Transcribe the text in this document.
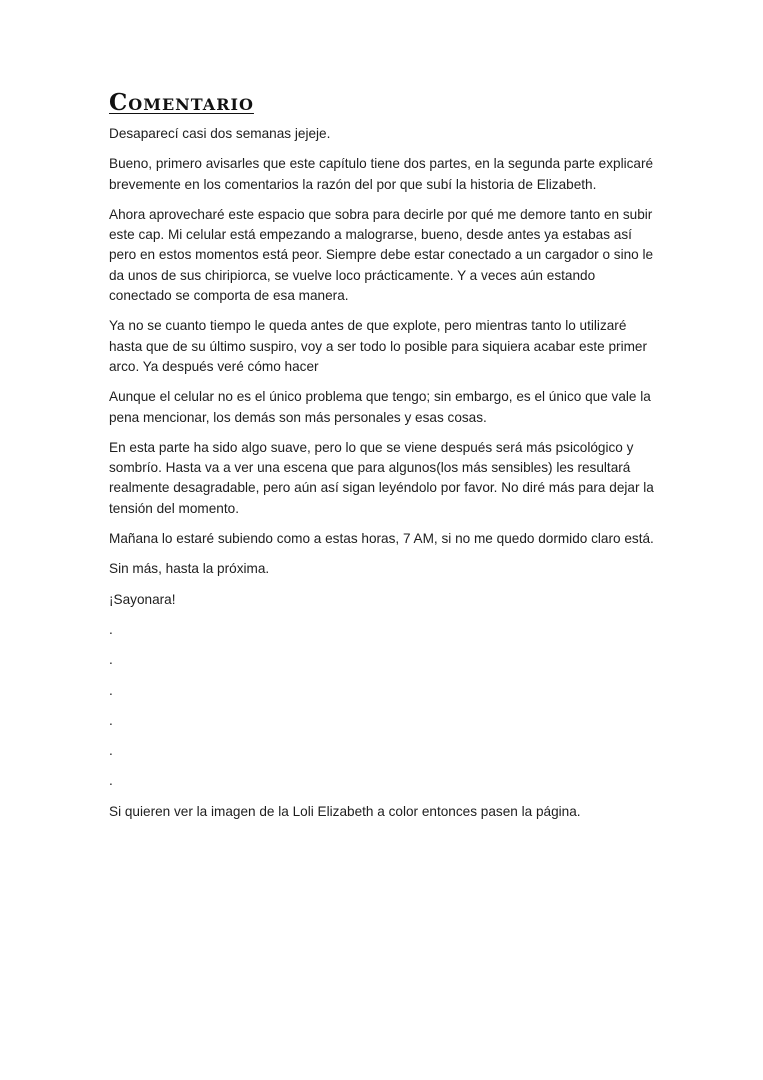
Comentario

Desaparecí casi dos semanas jejeje.

Bueno, primero avisarles que este capítulo tiene dos partes, en la segunda parte explicaré brevemente en los comentarios la razón del por que subí la historia de Elizabeth.

Ahora aprovecharé este espacio que sobra para decirle por qué me demore tanto en subir este cap. Mi celular está empezando a malograrse, bueno, desde antes ya estabas así pero en estos momentos está peor. Siempre debe estar conectado a un cargador o sino le da unos de sus chiripiorca, se vuelve loco prácticamente. Y a veces aún estando conectado se comporta de esa manera.

Ya no se cuanto tiempo le queda antes de que explote, pero mientras tanto lo utilizaré hasta que de su último suspiro, voy a ser todo lo posible para siquiera acabar este primer arco. Ya después veré cómo hacer

Aunque el celular no es el único problema que tengo; sin embargo, es el único que vale la pena mencionar, los demás son más personales y esas cosas.

En esta parte ha sido algo suave, pero lo que se viene después será más psicológico y sombrío. Hasta va a ver una escena que para algunos(los más sensibles) les resultará realmente desagradable, pero aún así sigan leyéndolo por favor. No diré más para dejar la tensión del momento.

Mañana lo estaré subiendo como a estas horas, 7 AM, si no me quedo dormido claro está.

Sin más, hasta la próxima.

¡Sayonara!

.

.

.

.

.

.

Si quieren ver la imagen de la Loli Elizabeth a color entonces pasen la página.
